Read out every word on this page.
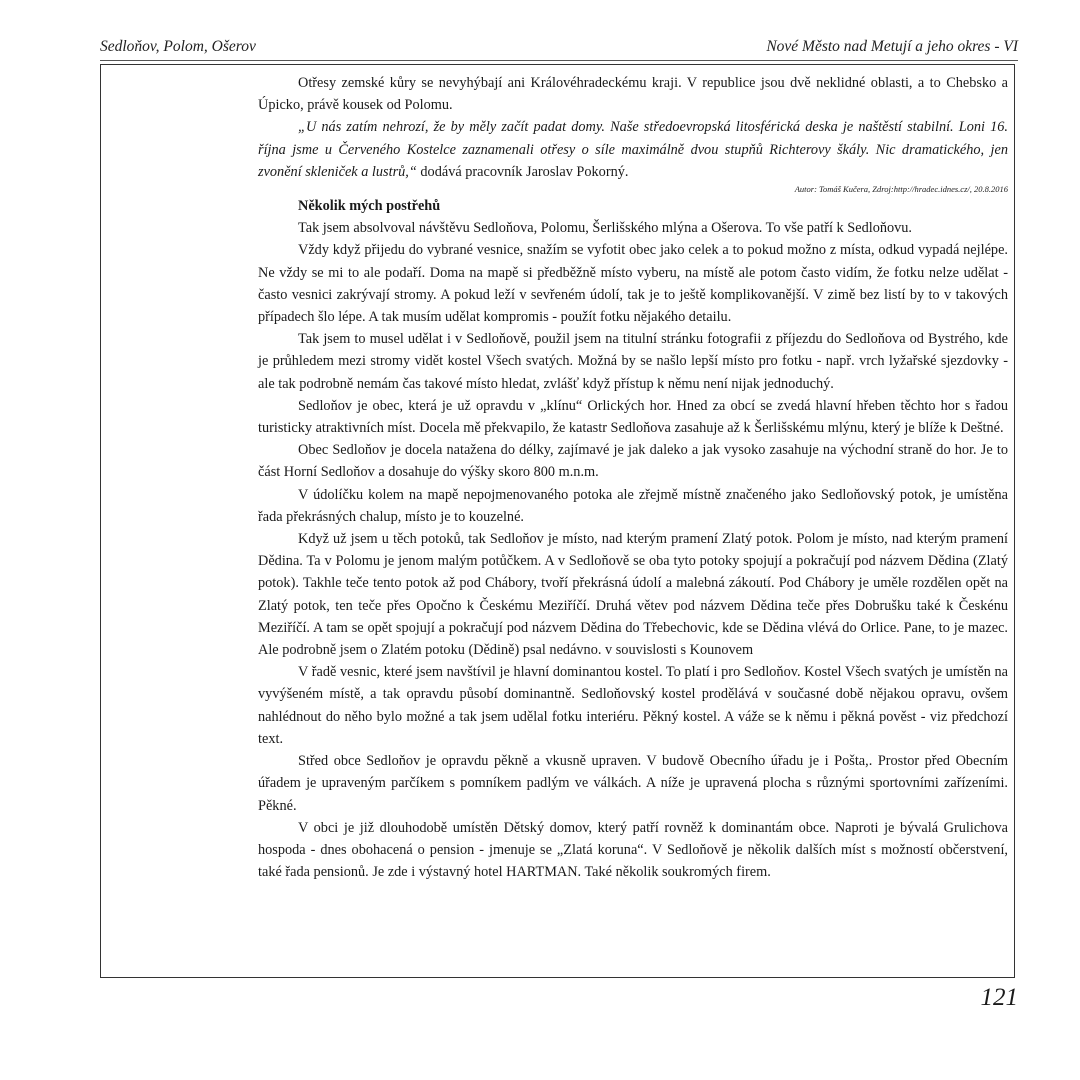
Sedloňov, Polom, Ošerov	Nové Město nad Metují a jeho okres - VI

Otřesy zemské kůry se nevyhýbají ani Královéhradeckému kraji. V republice jsou dvě neklidné oblasti, a to Chebsko a Úpicko, právě kousek od Polomu.

„U nás zatím nehrozí, že by měly začít padat domy. Naše středoevropská litosférická deska je naštěstí stabilní. Loni 16. října jsme u Červeného Kostelce zaznamenali otřesy o síle maximálně dvou stupňů Richterovy škály. Nic dramatického, jen zvonění skleniček a lustrů,“ dodává pracovník Jaroslav Pokorný.

Autor: Tomáš Kučera, Zdroj:http://hradec.idnes.cz/, 20.8.2016

Několik mých postřehů

Tak jsem absolvoval návštěvu Sedloňova, Polomu, Šerlišského mlýna a Ošerova. To vše patří k Sedloňovu.

Vždy když přijedu do vybrané vesnice, snažím se vyfotit obec jako celek a to pokud možno z místa, odkud vypadá nejlépe. Ne vždy se mi to ale podaří. Doma na mapě si předběžně místo vyberu, na místě ale potom často vidím, že fotku nelze udělat - často vesnici zakrývají stromy. A pokud leží v sevřeném údolí, tak je to ještě komplikovanější. V zimě bez listí by to v takových případech šlo lépe. A tak musím udělat kompromis - použít fotku nějakého detailu.

Tak jsem to musel udělat i v Sedloňově, použil jsem na titulní stránku fotografii z příjezdu do Sedloňova od Bystrého, kde je průhledem mezi stromy vidět kostel Všech svatých. Možná by se našlo lepší místo pro fotku - např. vrch lyžařské sjezdovky - ale tak podrobně nemám čas takové místo hledat, zvlášť když přístup k němu není nijak jednoduchý.

Sedloňov je obec, která je už opravdu v „klínu“ Orlických hor. Hned za obcí se zvedá hlavní hřeben těchto hor s řadou turisticky atraktivních míst. Docela mě překvapilo, že katastr Sedloňova zasahuje až k Šerlišskému mlýnu, který je blíže k Deštné.

Obec Sedloňov je docela natažena do délky, zajímavé je jak daleko a jak vysoko zasahuje na východní straně do hor. Je to část Horní Sedloňov a dosahuje do výšky skoro 800 m.n.m.

V údolíčku kolem na mapě nepojmenovaného potoka ale zřejmě místně značeného jako Sedloňovský potok, je umístěna řada překrásných chalup, místo je to kouzelné.

Když už jsem u těch potoků, tak Sedloňov je místo, nad kterým pramení Zlatý potok. Polom je místo, nad kterým pramení Dědina. Ta v Polomu je jenom malým potůčkem. A v Sedloňově se oba tyto potoky spojují a pokračují pod názvem Dědina (Zlatý potok). Takhle teče tento potok až pod Chábory, tvoří překrásná údolí a malebná zákoutí. Pod Chábory je uměle rozdělen opět na Zlatý potok, ten teče přes Opočno k Českému Meziříčí. Druhá větev pod názvem Dědina teče přes Dobrušku také k Českénu Meziříčí. A tam se opět spojují a pokračují pod názvem Dědina do Třebechovic, kde se Dědina vlévá do Orlice. Pane, to je mazec. Ale podrobně jsem o Zlatém potoku (Dědině) psal nedávno. v souvislosti s Kounovem

V řadě vesnic, které jsem navštívil je hlavní dominantou kostel. To platí i pro Sedloňov. Kostel Všech svatých je umístěn na vyvýšeném místě, a tak opravdu působí dominantně. Sedloňovský kostel prodělává v současné době nějakou opravu, ovšem nahlédnout do něho bylo možné a tak jsem udělal fotku interiéru. Pěkný kostel. A váže se k němu i pěkná pověst - viz předchozí text.

Střed obce Sedloňov je opravdu pěkně a vkusně upraven. V budově Obecního úřadu je i Pošta,. Prostor před Obecním úřadem je upraveným parčíkem s pomníkem padlým ve válkách. A níže je upravená plocha s různými sportovními zařízeními. Pěkné.

V obci je již dlouhodobě umístěn Dětský domov, který patří rovněž k dominantám obce. Naproti je bývalá Grulichova hospoda - dnes obohacená o pension - jmenuje se „Zlatá koruna“. V Sedloňově je několik dalších míst s možností občerstvení, také řada pensionů. Je zde i výstavný hotel HARTMAN. Také několik soukromých firem.

121
